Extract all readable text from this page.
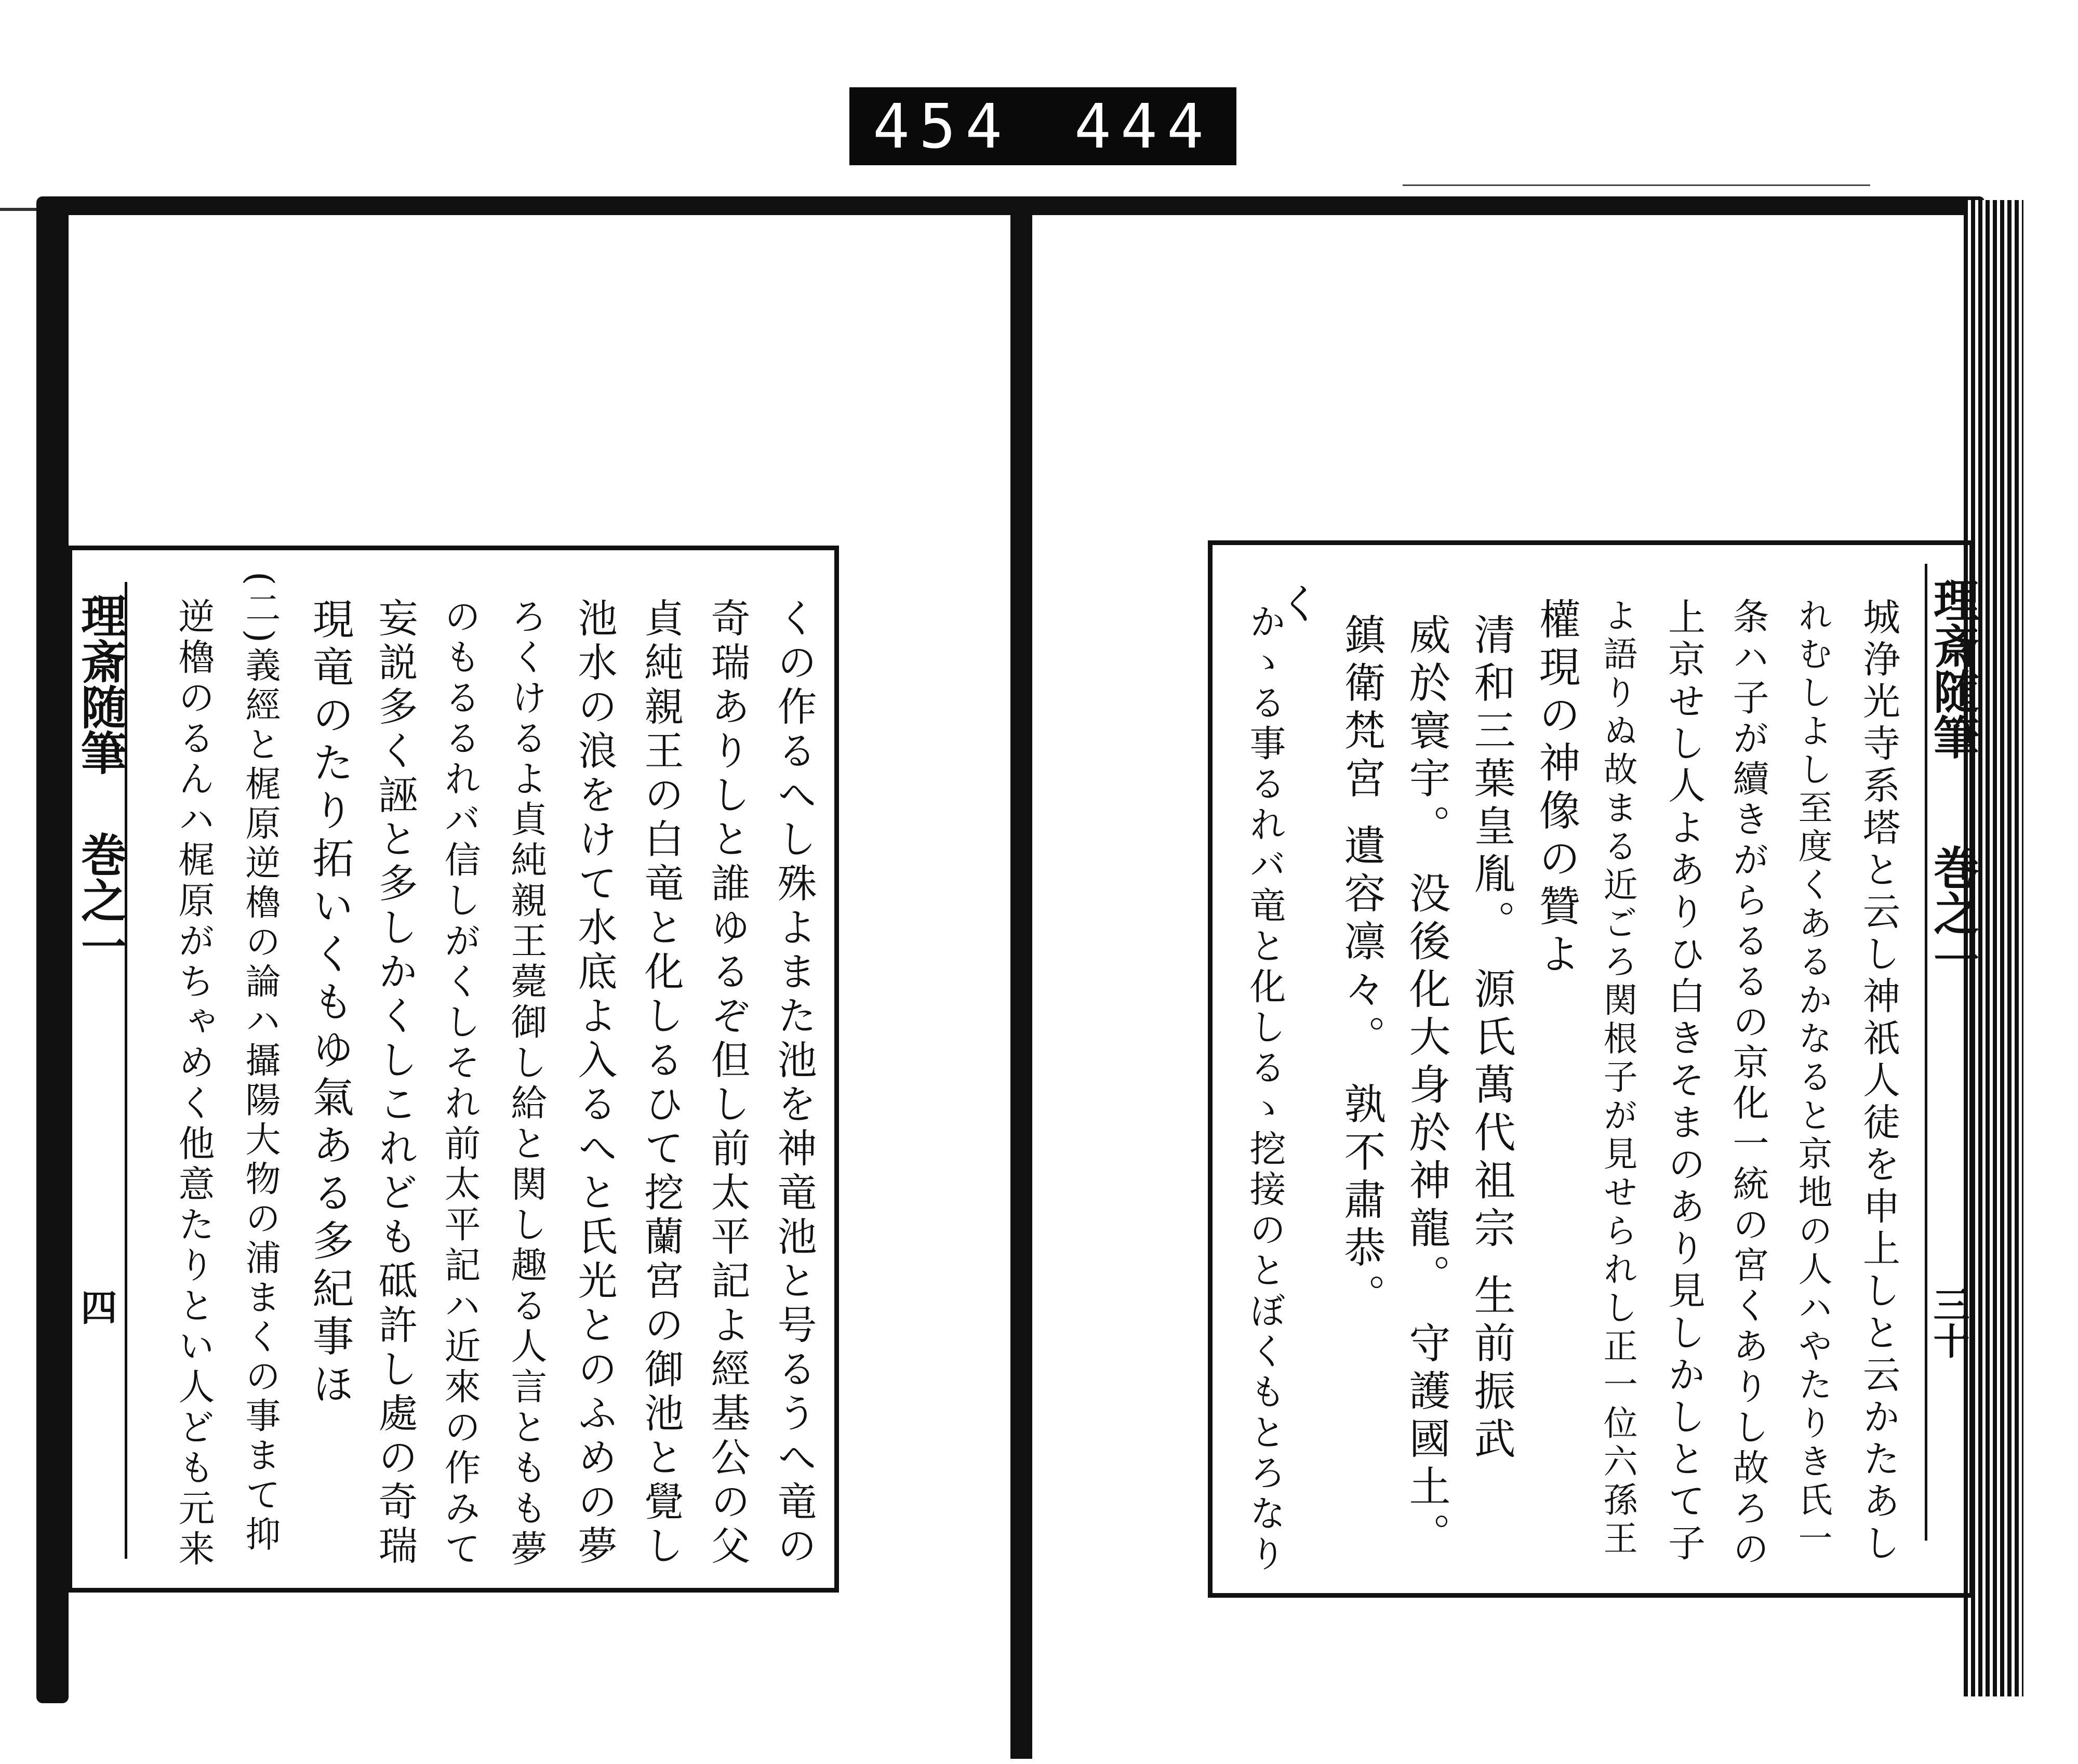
454 444
理斎随筆
巻之一
四	くの作るへし殊よまた池を神竜池と号るうへ竜の
奇瑞ありしと誰ゆるぞ但し前太平記よ經基公の父
貞純親王の白竜と化しるひて挖蘭宮の御池と覺し
池水の浪をけて水底よ入るへと氏光とのふめの夢
ろくけるよ貞純親王薨御し給と関し趣る人言ともも夢
のもるるれバ信しがくしそれ前太平記ハ近來の作みて
妄説多く誣と多しかくしこれども砥許し處の奇瑞
現竜のたり拓いくもゆ氣ある多紀事ほ
(二)義經と梶原逆櫓の論ハ攝陽大物の浦まくの事まて抑
逆櫓のるんハ梶原がちゃめく他意たりとい人ども元来	理斎随筆
巻之一
三十
城浄光寺系塔と云し神祇人徒を申上しと云かたあし
れむしよし至度くあるかなると京地の人ハやたりき氏一
条ハ子が續きがらるるの京化一統の宮くありし故ろの
上京せし人よありひ白きそまのあり見しかしとて子
よ語りぬ故まる近ごろ関根子が見せられし正一位六孫王
權現の神像の贊よ
清和三葉皇胤。 源氏萬代祖宗 生前振武
威於寰宇。 没後化大身於神龍。 守護國土。
鎮衛梵宮 遺容凛々。 孰不肅恭。
く
かゝる事るれバ竜と化しるゝ挖接のとぼくもとろなり
